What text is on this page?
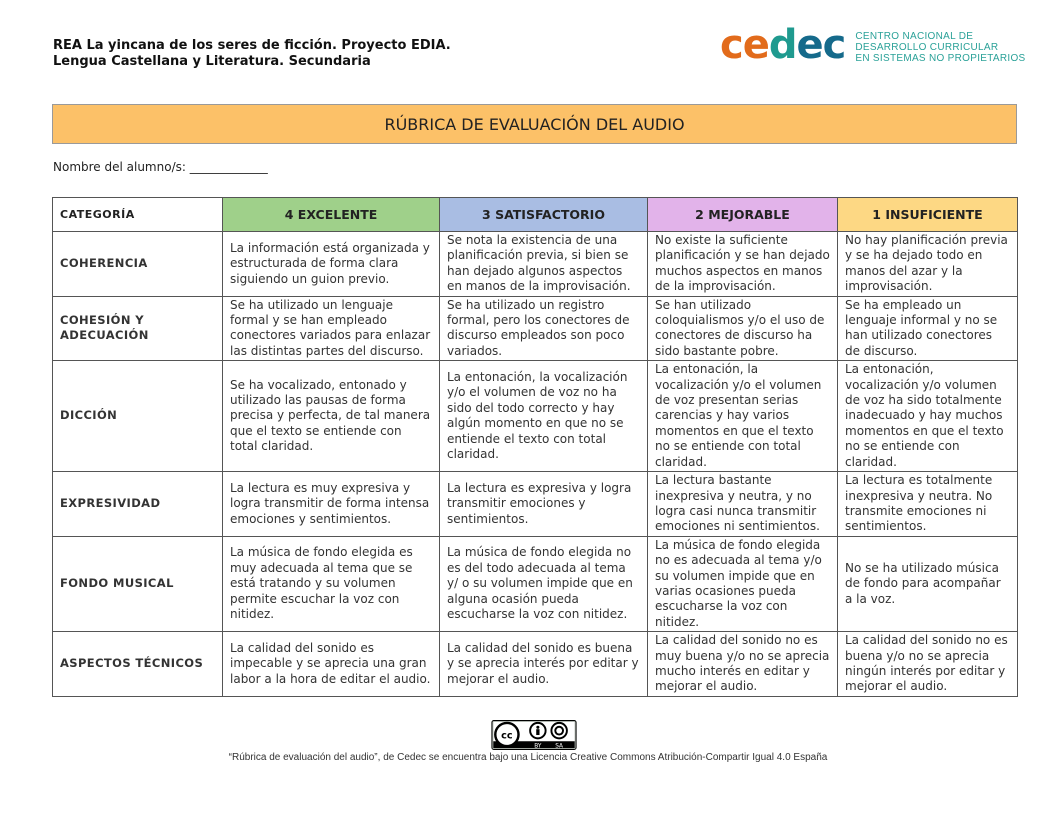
REA La yincana de los seres de ficción. Proyecto EDIA.
Lengua Castellana y Literatura. Secundaria	cedec CENTRO NACIONAL DE
DESARROLLO CURRICULAR
EN SISTEMAS NO PROPIETARIOS
RÚBRICA DE EVALUACIÓN DEL AUDIO
Nombre del alumno/s: _____________
CATEGORÍA	4 EXCELENTE	3 SATISFACTORIO	2 MEJORABLE	1 INSUFICIENTE
COHERENCIA	La información está organizada y estructurada de forma clara siguiendo un guion previo.	Se nota la existencia de una planificación previa, si bien se han dejado algunos aspectos en manos de la improvisación.	No existe la suficiente planificación y se han dejado muchos aspectos en manos de la improvisación.	No hay planificación previa y se ha dejado todo en manos del azar y la improvisación.
COHESIÓN Y ADECUACIÓN	Se ha utilizado un lenguaje formal y se han empleado conectores variados para enlazar las distintas partes del discurso.	Se ha utilizado un registro formal, pero los conectores de discurso empleados son poco variados.	Se han utilizado coloquialismos y/o el uso de conectores de discurso ha sido bastante pobre.	Se ha empleado un lenguaje informal y no se han utilizado conectores de discurso.
DICCIÓN	Se ha vocalizado, entonado y utilizado las pausas de forma precisa y perfecta, de tal manera que el texto se entiende con total claridad.	La entonación, la vocalización y/o el volumen de voz no ha sido del todo correcto y hay algún momento en que no se entiende el texto con total claridad.	La entonación, la vocalización y/o el volumen de voz presentan serias carencias y hay varios momentos en que el texto no se entiende con total claridad.	La entonación, vocalización y/o volumen de voz ha sido totalmente inadecuado y hay muchos momentos en que el texto no se entiende con claridad.
EXPRESIVIDAD	La lectura es muy expresiva y logra transmitir de forma intensa emociones y sentimientos.	La lectura es expresiva y logra transmitir emociones y sentimientos.	La lectura bastante inexpresiva y neutra, y no logra casi nunca transmitir emociones ni sentimientos.	La lectura es totalmente inexpresiva y neutra. No transmite emociones ni sentimientos.
FONDO MUSICAL	La música de fondo elegida es muy adecuada al tema que se está tratando y su volumen permite escuchar la voz con nitidez.	La música de fondo elegida no es del todo adecuada al tema y/ o su volumen impide que en alguna ocasión pueda escucharse la voz con nitidez.	La música de fondo elegida no es adecuada al tema y/o su volumen impide que en varias ocasiones pueda escucharse la voz con nitidez.	No se ha utilizado música de fondo para acompañar a la voz.
ASPECTOS TÉCNICOS	La calidad del sonido es impecable y se aprecia una gran labor a la hora de editar el audio.	La calidad del sonido es buena y se aprecia interés por editar y mejorar el audio.	La calidad del sonido no es muy buena y/o no se aprecia mucho interés en editar y mejorar el audio.	La calidad del sonido no es buena y/o no se aprecia ningún interés por editar y mejorar el audio.
cc
BY SA
“Rúbrica de evaluación del audio”, de Cedec se encuentra bajo una Licencia Creative Commons Atribución-Compartir Igual 4.0 España
